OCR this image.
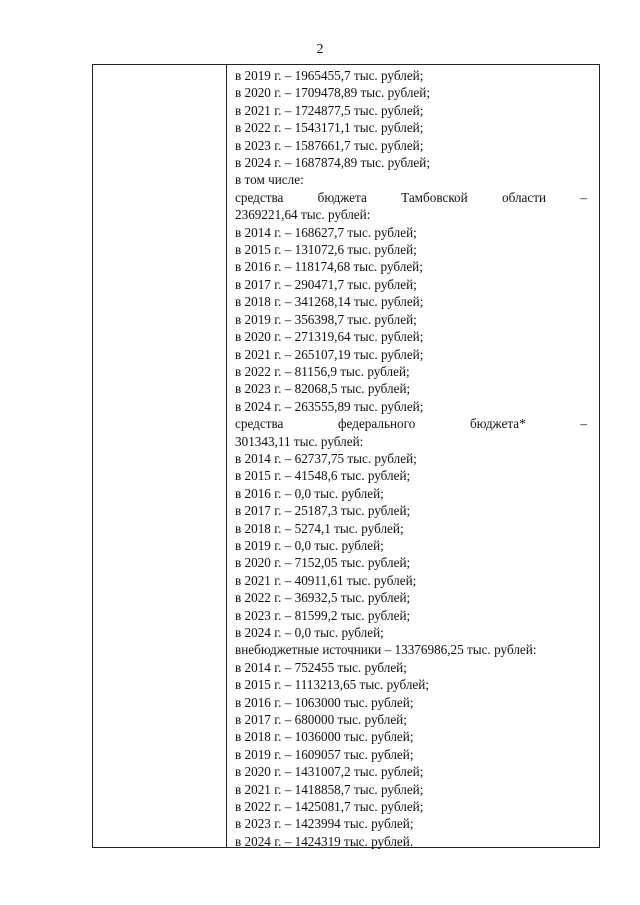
2
в 2019 г. – 1965455,7 тыс. рублей;
в 2020 г. – 1709478,89 тыс. рублей;
в 2021 г. – 1724877,5 тыс. рублей;
в 2022 г. – 1543171,1 тыс. рублей;
в 2023 г. – 1587661,7 тыс. рублей;
в 2024 г. – 1687874,89 тыс. рублей;
в том числе:
средства	бюджета	Тамбовской	области	–
2369221,64 тыс. рублей:
в 2014 г. – 168627,7 тыс. рублей;
в 2015 г. – 131072,6 тыс. рублей;
в 2016 г. – 118174,68 тыс. рублей;
в 2017 г. – 290471,7 тыс. рублей;
в 2018 г. – 341268,14 тыс. рублей;
в 2019 г. – 356398,7 тыс. рублей;
в 2020 г. – 271319,64 тыс. рублей;
в 2021 г. – 265107,19 тыс. рублей;
в 2022 г. – 81156,9 тыс. рублей;
в 2023 г. – 82068,5 тыс. рублей;
в 2024 г. – 263555,89 тыс. рублей;
средства	федерального	бюджета*	–
301343,11 тыс. рублей:
в 2014 г. – 62737,75 тыс. рублей;
в 2015 г. – 41548,6 тыс. рублей;
в 2016 г. – 0,0 тыс. рублей;
в 2017 г. – 25187,3 тыс. рублей;
в 2018 г. – 5274,1 тыс. рублей;
в 2019 г. – 0,0 тыс. рублей;
в 2020 г. – 7152,05 тыс. рублей;
в 2021 г. – 40911,61 тыс. рублей;
в 2022 г. – 36932,5 тыс. рублей;
в 2023 г. – 81599,2 тыс. рублей;
в 2024 г. – 0,0 тыс. рублей;
внебюджетные источники – 13376986,25 тыс. рублей:
в 2014 г. – 752455 тыс. рублей;
в 2015 г. – 1113213,65 тыс. рублей;
в 2016 г. – 1063000 тыс. рублей;
в 2017 г. – 680000 тыс. рублей;
в 2018 г. – 1036000 тыс. рублей;
в 2019 г. – 1609057 тыс. рублей;
в 2020 г. – 1431007,2 тыс. рублей;
в 2021 г. – 1418858,7 тыс. рублей;
в 2022 г. – 1425081,7 тыс. рублей;
в 2023 г. – 1423994 тыс. рублей;
в 2024 г. – 1424319 тыс. рублей.
